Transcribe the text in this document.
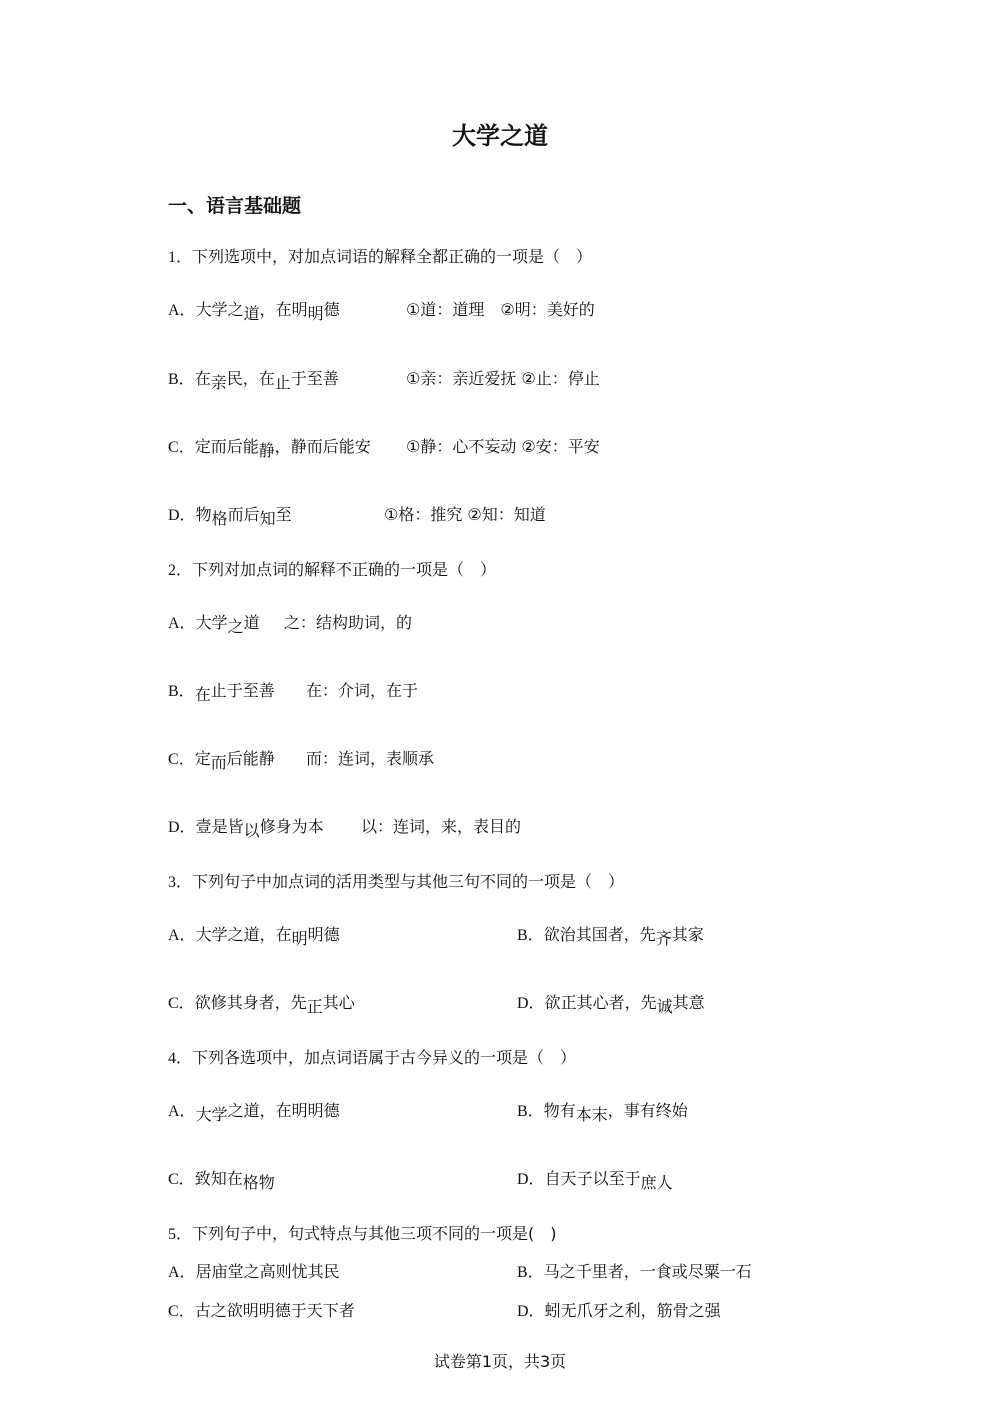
大学之道
一、语言基础题
1．下列选项中，对加点词语的解释全都正确的一项是（　）
A．大学之道，在明明德	①道：道理　②明：美好的
B．在亲民，在止于至善	①亲：亲近爱抚 ②止：停止
C．定而后能静，静而后能安 ①静：心不妄动 ②安：平安
D．物格而后知至	①格：推究 ②知：知道
2．下列对加点词的解释不正确的一项是（　）
A．大学之道 之：结构助词，的
B．在止于至善 在：介词，在于
C．定而后能静 而：连词，表顺承
D．壹是皆以修身为本 以：连词，来，表目的
3．下列句子中加点词的活用类型与其他三句不同的一项是（　）
A．大学之道，在明明德	B．欲治其国者，先齐其家
C．欲修其身者，先正其心	D．欲正其心者，先诚其意
4．下列各选项中，加点词语属于古今异义的一项是（　）
A．大学之道，在明明德	B．物有本末，事有终始
C．致知在格物	D．自天子以至于庶人
5．下列句子中，句式特点与其他三项不同的一项是(　)
A．居庙堂之高则忧其民	B．马之千里者，一食或尽粟一石
C．古之欲明明德于天下者	D．蚓无爪牙之利，筋骨之强
试卷第1页，共3页
